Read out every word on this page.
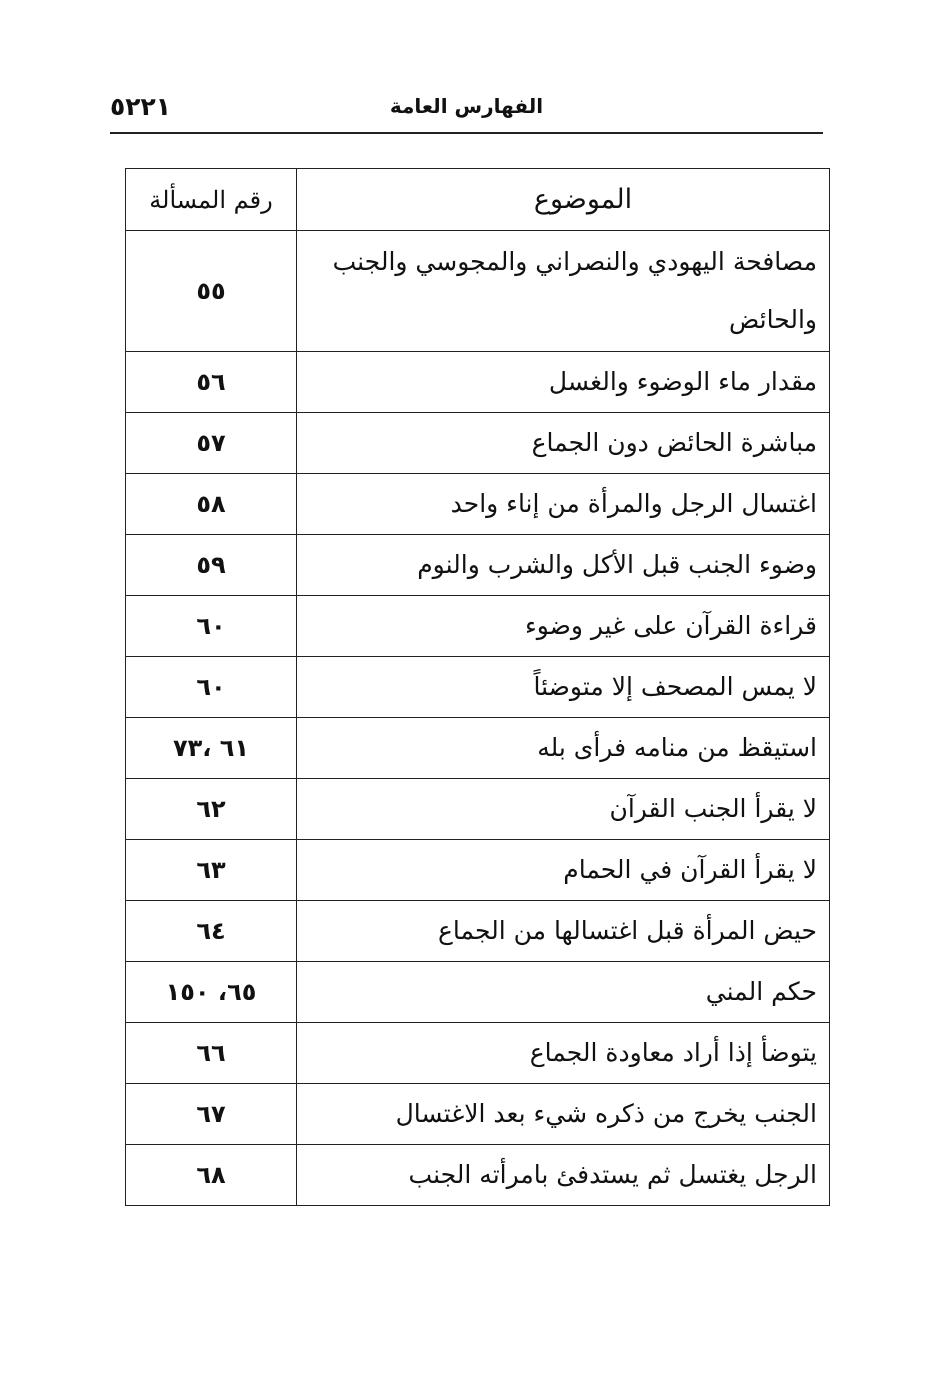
٥٢٢١	الفهارس العامة
الموضوع	رقم المسألة
مصافحة اليهودي والنصراني والمجوسي والجنب والحائض	٥٥
مقدار ماء الوضوء والغسل	٥٦
مباشرة الحائض دون الجماع	٥٧
اغتسال الرجل والمرأة من إناء واحد	٥٨
وضوء الجنب قبل الأكل والشرب والنوم	٥٩
قراءة القرآن على غير وضوء	٦٠
لا يمس المصحف إلا متوضئاً	٦٠
استيقظ من منامه فرأى بله	٦١ ،٧٣
لا يقرأ الجنب القرآن	٦٢
لا يقرأ القرآن في الحمام	٦٣
حيض المرأة قبل اغتسالها من الجماع	٦٤
حكم المني	٦٥، ١٥٠
يتوضأ إذا أراد معاودة الجماع	٦٦
الجنب يخرج من ذكره شيء بعد الاغتسال	٦٧
الرجل يغتسل ثم يستدفئ بامرأته الجنب	٦٨
